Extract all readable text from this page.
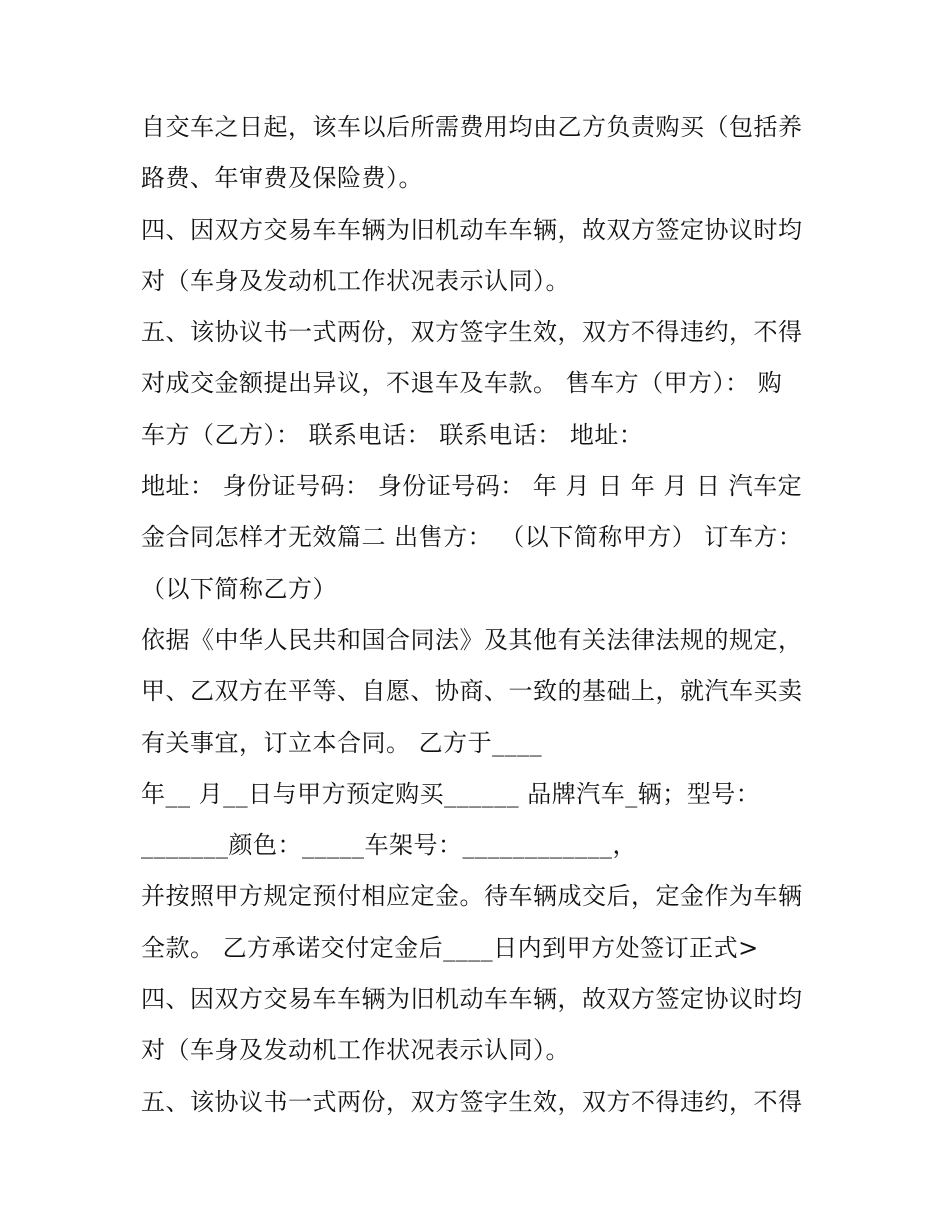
自交车之日起，该车以后所需费用均由乙方负责购买（包括养
路费、年审费及保险费）。
四、因双方交易车车辆为旧机动车车辆，故双方签定协议时均
对（车身及发动机工作状况表示认同）。
五、该协议书一式两份，双方签字生效，双方不得违约，不得
对成交金额提出异议，不退车及车款。 售车方（甲方）： 购
车方（乙方）： 联系电话： 联系电话： 地址：
地址： 身份证号码： 身份证号码： 年 月 日 年 月 日 汽车定
金合同怎样才无效篇二 出售方： （以下简称甲方） 订车方：
（以下简称乙方）
依据《中华人民共和国合同法》及其他有关法律法规的规定，
甲、乙双方在平等、自愿、协商、一致的基础上，就汽车买卖
有关事宜，订立本合同。 乙方于____
年__ 月__日与甲方预定购买______ 品牌汽车_辆；型号：
_______颜色：_____车架号：____________，
并按照甲方规定预付相应定金。待车辆成交后，定金作为车辆
全款。 乙方承诺交付定金后____日内到甲方处签订正式>
四、因双方交易车车辆为旧机动车车辆，故双方签定协议时均
对（车身及发动机工作状况表示认同）。
五、该协议书一式两份，双方签字生效，双方不得违约，不得
